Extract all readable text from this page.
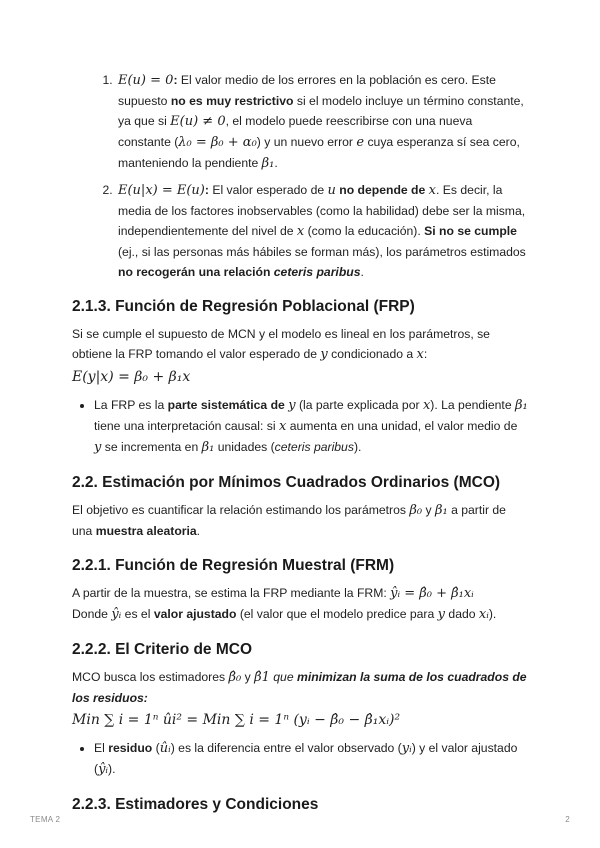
1. E(u) = 0: El valor medio de los errores en la población es cero. Este supuesto no es muy restrictivo si el modelo incluye un término constante, ya que si E(u) ≠ 0, el modelo puede reescribirse con una nueva constante (λ₀ = β₀ + α₀) y un nuevo error e cuya esperanza sí sea cero, manteniendo la pendiente β₁.
2. E(u|x) = E(u): El valor esperado de u no depende de x. Es decir, la media de los factores inobservables (como la habilidad) debe ser la misma, independientemente del nivel de x (como la educación). Si no se cumple (ej., si las personas más hábiles se forman más), los parámetros estimados no recogerán una relación ceteris paribus.
2.1.3. Función de Regresión Poblacional (FRP)

Si se cumple el supuesto de MCN y el modelo es lineal en los parámetros, se obtiene la FRP tomando el valor esperado de y condicionado a x:

E(y|x) = β₀ + β₁x
• La FRP es la parte sistemática de y (la parte explicada por x). La pendiente β₁ tiene una interpretación causal: si x aumenta en una unidad, el valor medio de y se incrementa en β₁ unidades (ceteris paribus).
2.2. Estimación por Mínimos Cuadrados Ordinarios (MCO)

El objetivo es cuantificar la relación estimando los parámetros β₀ y β₁ a partir de una muestra aleatoria.

2.2.1. Función de Regresión Muestral (FRM)

A partir de la muestra, se estima la FRP mediante la FRM: ŷᵢ = β̂₀ + β̂₁xᵢ

Donde ŷᵢ es el valor ajustado (el valor que el modelo predice para y dado xᵢ).

2.2.2. El Criterio de MCO

MCO busca los estimadores β̂₀ y β̂1 que minimizan la suma de los cuadrados de los residuos:

Min ∑ i = 1ⁿ ûi² = Min ∑ i = 1ⁿ (yᵢ − β̂₀ − β̂₁xᵢ)²
• El residuo (ûᵢ) es la diferencia entre el valor observado (yᵢ) y el valor ajustado (ŷᵢ).
2.2.3. Estimadores y Condiciones
TEMA 2	2
